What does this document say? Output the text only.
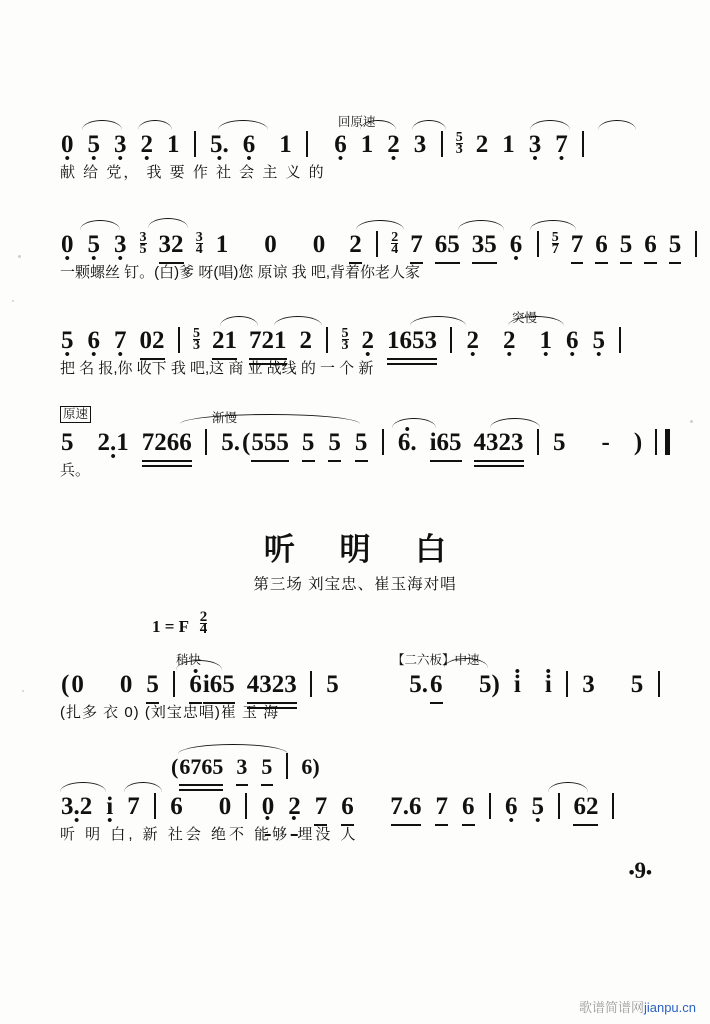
回原速
0 • 5 • 3 • 2 • 1 5. • 6 • 1 6 • 1 2 • $3 \frac{5}{3} 2$ 1 3 • 7 •
献 给 党， 我 要 作 社 会 主 义 的
0 • 5 • 3 • $\frac{3}{5} 32 \frac{3}{4} 1$ 0 0 $2 \frac{2}{4} 7$ 65 35 6 • $\frac{5}{7} 7$ 6 5 6 5
一颗螺丝 钉。(白)爹 呀(唱)您 原谅 我 吧,背着你老人家
突慢
5 • 6 • 7 • $02 \frac{5}{3} 21$ 721 $2 \frac{5}{3} 2$ • 1653 2 • 2 • 1 • 6 • 5 •
把 名 报,你 收下 我 吧,这 商 业 战线 的 一 个 新
原速	渐慢
5 2.1 • 7266 5.(555 5 5 5 • 6. i65 4323 5 - )
兵。
听 明 白
第三场 刘宝忠、崔玉海对唱
1 = F $\frac{2}{4}$
稍快	【二六板】中速
(0 0 5 • 6i65 4323 5	5.6 5) • i • i 3 5
(扎多 衣 0) (刘宝忠唱)崔 玉 海
(6765 3 5 6)
3.2 • i • 7 6 0 0 • 2 • 7 6 7.6 7 6 6 • 5 • 62
听 明 白, 新 社会 绝不 能够 埋没 人
•9•
歌谱简谱网jianpu.cn
